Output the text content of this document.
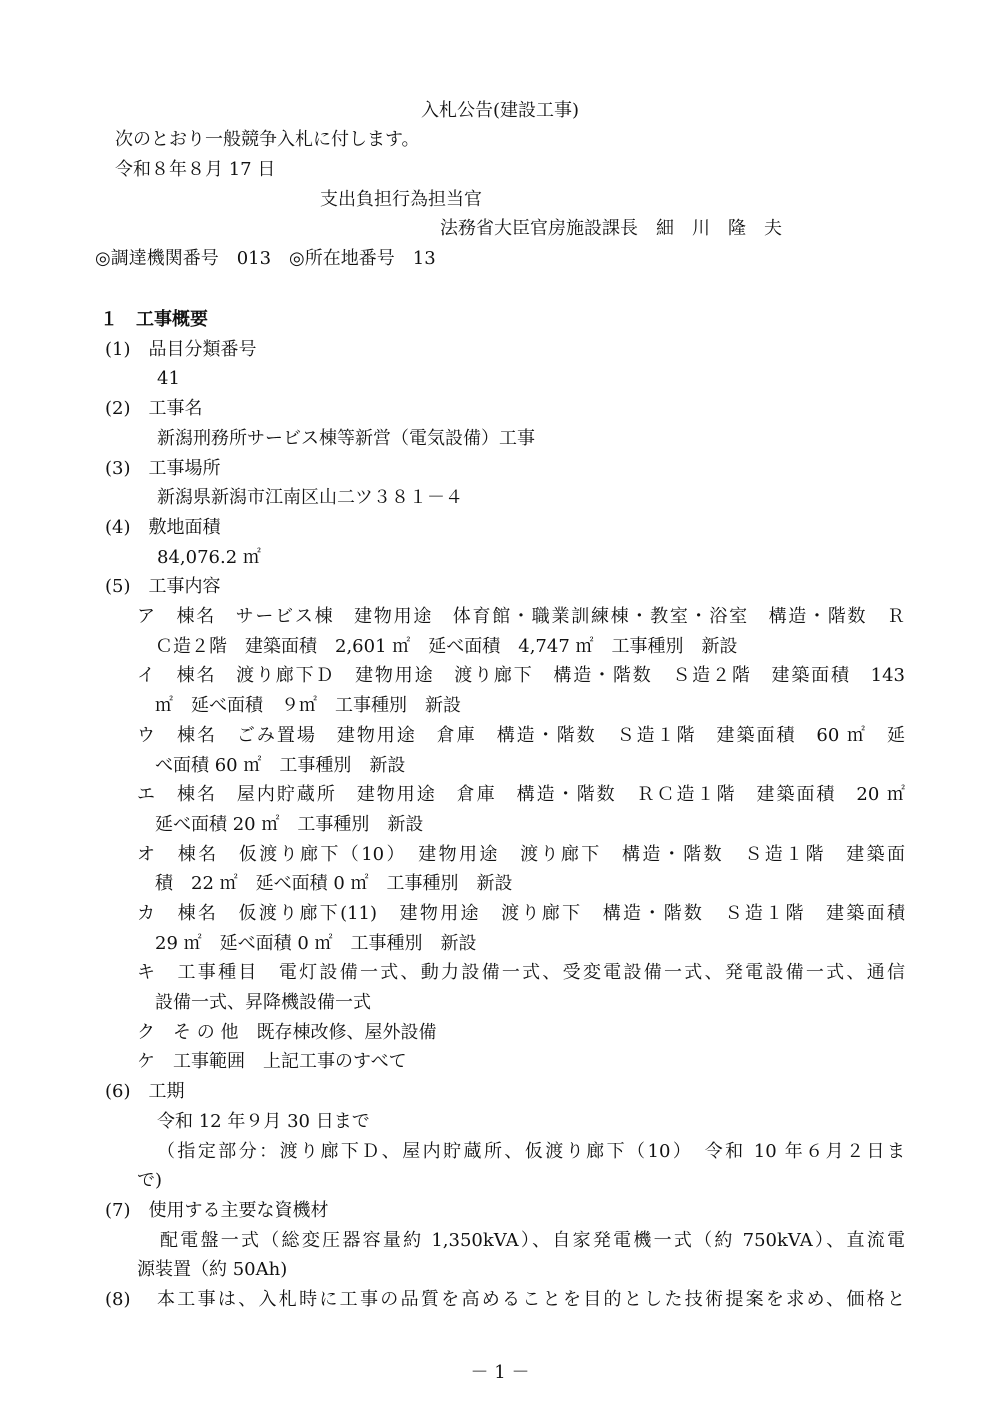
入札公告(建設工事)
次のとおり一般競争入札に付します。
令和８年８月 17 日
支出負担行為担当官
法務省大臣官房施設課長　細　川　隆　夫
◎調達機関番号　013　◎所在地番号　13
１　工事概要
(1)　品目分類番号
41
(2)　工事名
新潟刑務所サービス棟等新営（電気設備）工事
(3)　工事場所
新潟県新潟市江南区山二ツ３８１－４
(4)　敷地面積
84,076.2 ㎡
(5)　工事内容
ア　棟名　サービス棟　建物用途　体育館・職業訓練棟・教室・浴室　構造・階数　Ｒ
Ｃ造２階　建築面積　2,601 ㎡　延べ面積　4,747 ㎡　工事種別　新設
イ　棟名　渡り廊下Ｄ　建物用途　渡り廊下　構造・階数　Ｓ造２階　建築面積　143
㎡　延べ面積　９㎡　工事種別　新設
ウ　棟名　ごみ置場　建物用途　倉庫　構造・階数　Ｓ造１階　建築面積　60 ㎡　延
べ面積 60 ㎡　工事種別　新設
エ　棟名　屋内貯蔵所　建物用途　倉庫　構造・階数　ＲＣ造１階　建築面積　20 ㎡
延べ面積 20 ㎡　工事種別　新設
オ　棟名　仮渡り廊下（10）　建物用途　渡り廊下　構造・階数　Ｓ造１階　建築面
積　22 ㎡　延べ面積 0 ㎡　工事種別　新設
カ　棟名　仮渡り廊下(11)　建物用途　渡り廊下　構造・階数　Ｓ造１階　建築面積
29 ㎡　延べ面積 0 ㎡　工事種別　新設
キ　工事種目　電灯設備一式、動力設備一式、受変電設備一式、発電設備一式、通信
設備一式、昇降機設備一式
ク　そ の 他　既存棟改修、屋外設備
ケ　工事範囲　上記工事のすべて
(6)　工期
令和 12 年９月 30 日まで
（指定部分：渡り廊下Ｄ、屋内貯蔵所、仮渡り廊下（10）　令和 10 年６月２日ま
で)
(7)　使用する主要な資機材
配電盤一式（総変圧器容量約 1,350kVA）、自家発電機一式（約 750kVA）、直流電
源装置（約 50Ah)
(8) 本工事は、入札時に工事の品質を高めることを目的とした技術提案を求め、価格と
－ 1 －
